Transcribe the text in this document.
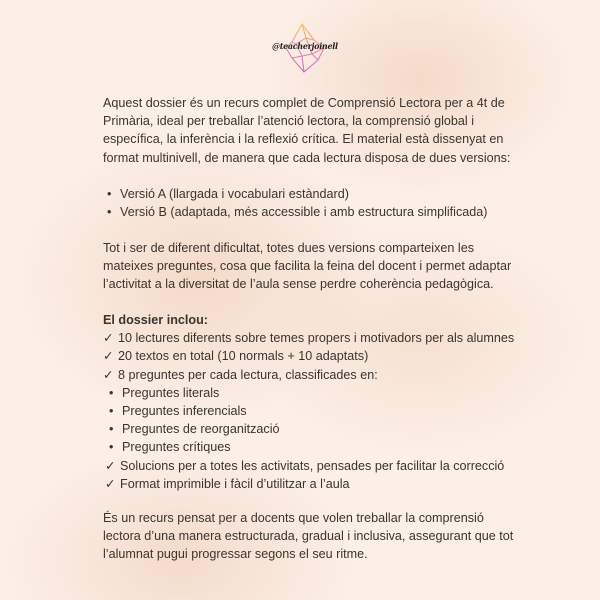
@teacherjoinell

Aquest dossier és un recurs complet de Comprensió Lectora per a 4t de Primària, ideal per treballar l’atenció lectora, la comprensió global i específica, la inferència i la reflexió crítica. El material està dissenyat en format multinivell, de manera que cada lectura disposa de dues versions:

• Versió A (llargada i vocabulari estàndard)
• Versió B (adaptada, més accessible i amb estructura simplificada)

Tot i ser de diferent dificultat, totes dues versions comparteixen les mateixes preguntes, cosa que facilita la feina del docent i permet adaptar l’activitat a la diversitat de l’aula sense perdre coherència pedagògica.

El dossier inclou:
✓ 10 lectures diferents sobre temes propers i motivadors per als alumnes
✓ 20 textos en total (10 normals + 10 adaptats)
✓ 8 preguntes per cada lectura, classificades en:
• Preguntes literals
• Preguntes inferencials
• Preguntes de reorganització
• Preguntes crítiques
✓ Solucions per a totes les activitats, pensades per facilitar la correcció
✓ Format imprimible i fàcil d’utilitzar a l’aula

És un recurs pensat per a docents que volen treballar la comprensió lectora d’una manera estructurada, gradual i inclusiva, assegurant que tot l’alumnat pugui progressar segons el seu ritme.
